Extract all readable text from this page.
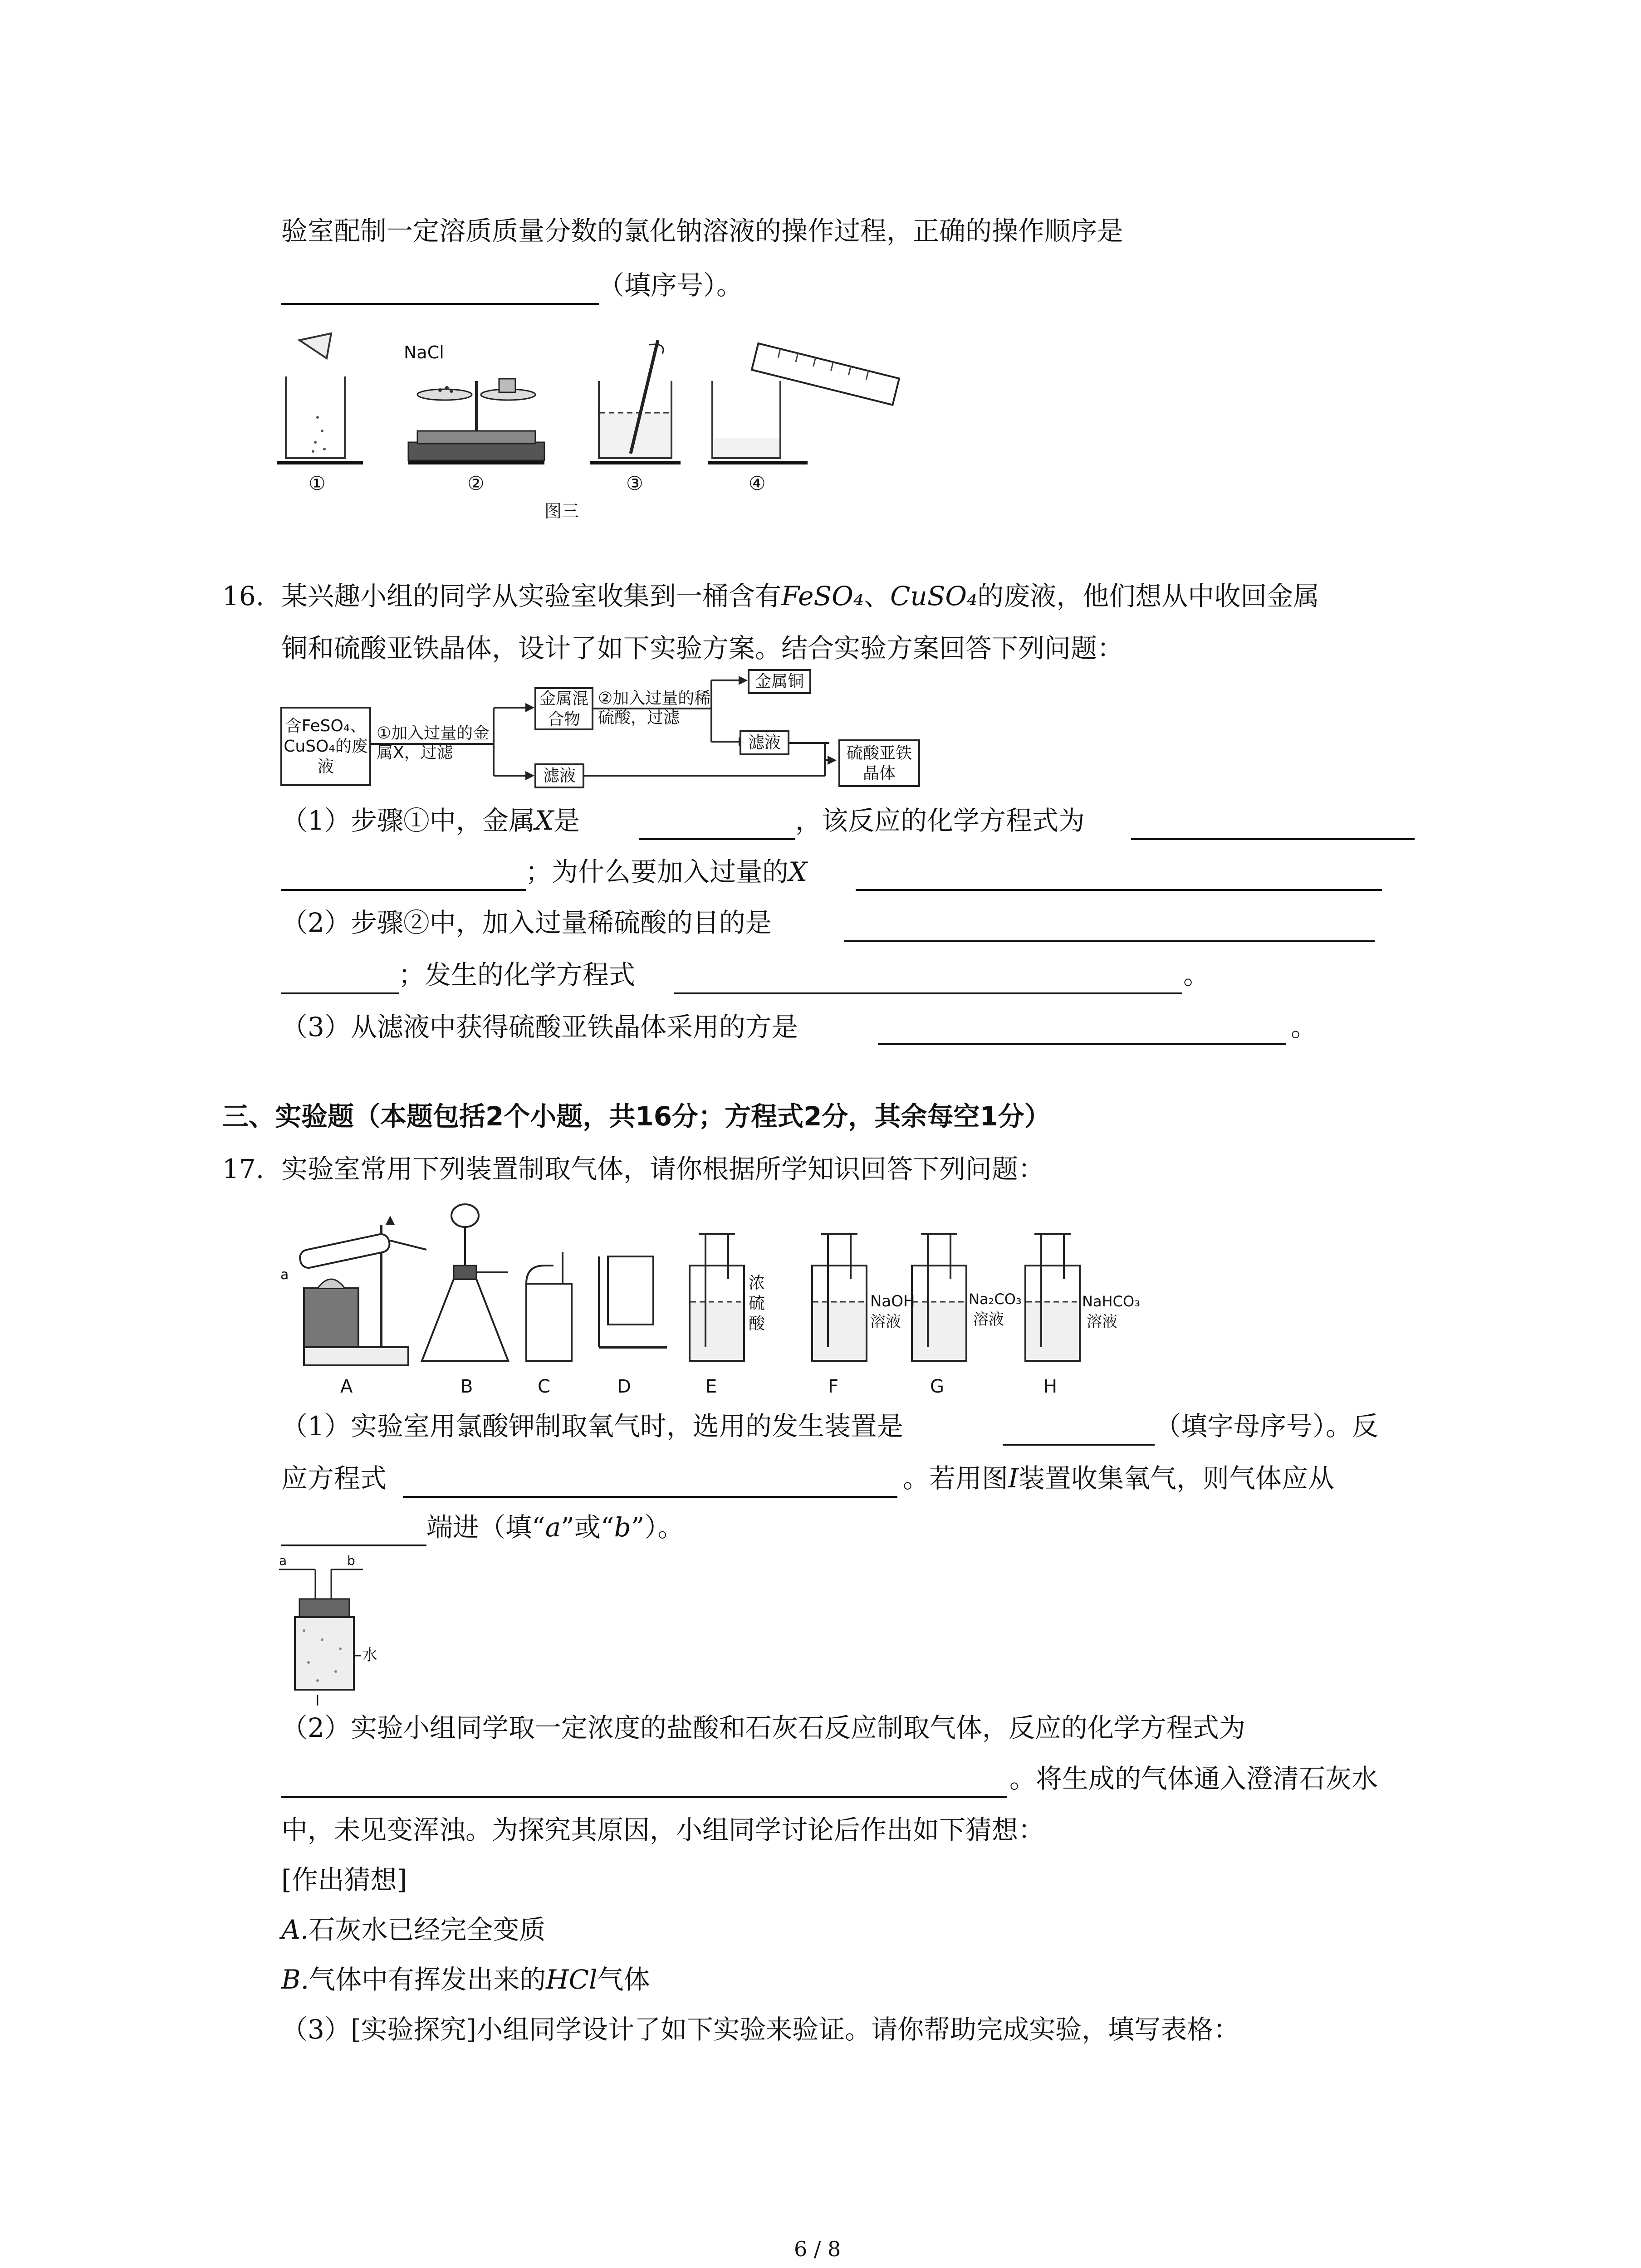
验室配制一定溶质质量分数的氯化钠溶液的操作过程，正确的操作顺序是
（填序号）。
NaCl
①	②	③	④
图三
16. 某兴趣小组的同学从实验室收集到一桶含有FeSO₄、CuSO₄的废液，他们想从中收回金属
铜和硫酸亚铁晶体，设计了如下实验方案。结合实验方案回答下列问题：
含FeSO₄、CuSO₄的废液
①加入过量的金属X，过滤
金属混合物
②加入过量的稀硫酸，过滤
金属铜
滤液
滤液
硫酸亚铁晶体
（1）步骤①中，金属X是	，该反应的化学方程式为
；为什么要加入过量的X
（2）步骤②中，加入过量稀硫酸的目的是
；发生的化学方程式	。
（3）从滤液中获得硫酸亚铁晶体采用的方是	。
三、实验题（本题包括2个小题，共16分；方程式2分，其余每空1分）
17. 实验室常用下列装置制取气体，请你根据所学知识回答下列问题：
a	浓
硫
酸
NaOH
溶液
Na₂CO₃
溶液
NaHCO₃
溶液
A	B	C	D	E	F	G	H
（1）实验室用氯酸钾制取氧气时，选用的发生装置是	（填字母序号）。反
应方程式	。若用图I装置收集氧气，则气体应从
端进（填“a”或“b”）。
a	b
水
I
（2）实验小组同学取一定浓度的盐酸和石灰石反应制取气体，反应的化学方程式为
。将生成的气体通入澄清石灰水
中，未见变浑浊。为探究其原因，小组同学讨论后作出如下猜想：
[作出猜想]
A.石灰水已经完全变质
B.气体中有挥发出来的HCl气体
（3）[实验探究]小组同学设计了如下实验来验证。请你帮助完成实验，填写表格：
6 / 8
